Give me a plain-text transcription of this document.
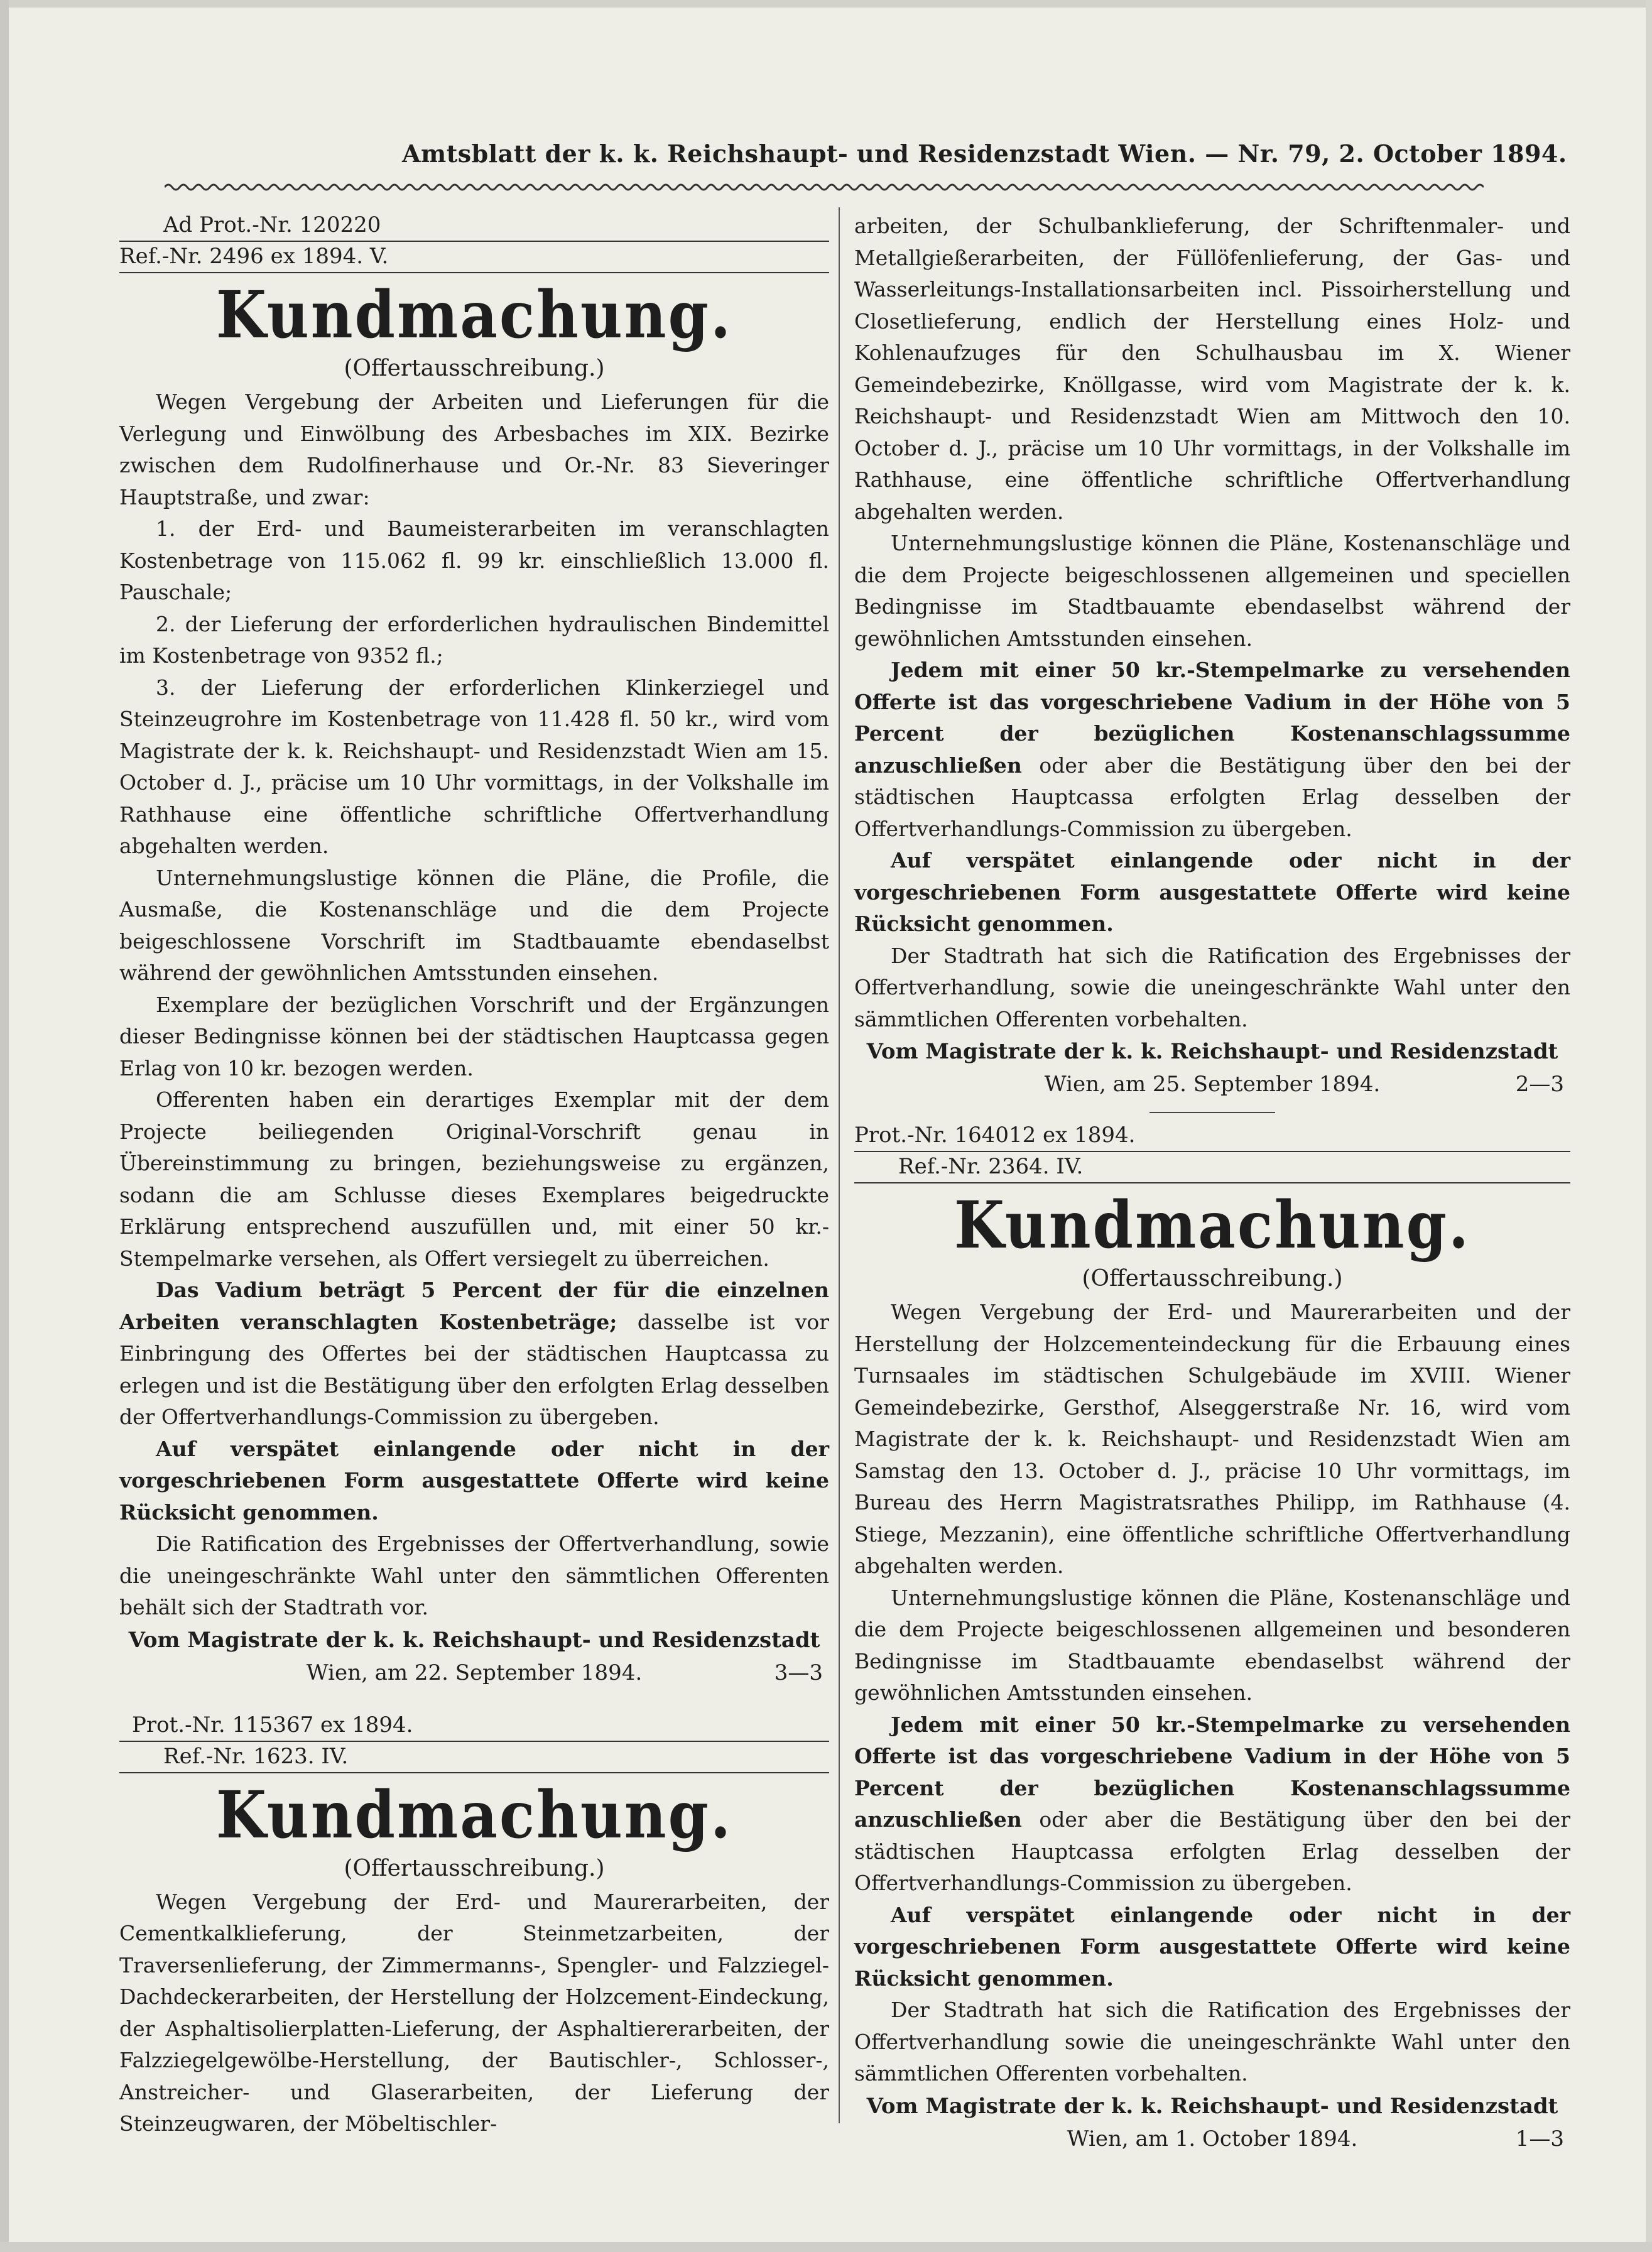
Amtsblatt der k. k. Reichshaupt- und Residenzstadt Wien. — Nr. 79, 2. October 1894.
Ad Prot.-Nr. 120220
Ref.-Nr. 2496 ex 1894. V.
Kundmachung.
(Offertausschreibung.)

Wegen Vergebung der Arbeiten und Lieferungen für die Verlegung und Einwölbung des Arbesbaches im XIX. Bezirke zwischen dem Rudolfinerhause und Or.-Nr. 83 Sieveringer Hauptstraße, und zwar:

1. der Erd- und Baumeisterarbeiten im veranschlagten Kostenbetrage von 115.062 fl. 99 kr. einschließlich 13.000 fl. Pauschale;

2. der Lieferung der erforderlichen hydraulischen Bindemittel im Kostenbetrage von 9352 fl.;

3. der Lieferung der erforderlichen Klinkerziegel und Steinzeugrohre im Kostenbetrage von 11.428 fl. 50 kr., wird vom Magistrate der k. k. Reichshaupt- und Residenzstadt Wien am 15. October d. J., präcise um 10 Uhr vormittags, in der Volkshalle im Rathhause eine öffentliche schriftliche Offertverhandlung abgehalten werden.

Unternehmungslustige können die Pläne, die Profile, die Ausmaße, die Kostenanschläge und die dem Projecte beigeschlossene Vorschrift im Stadtbauamte ebendaselbst während der gewöhnlichen Amtsstunden einsehen.

Exemplare der bezüglichen Vorschrift und der Ergänzungen dieser Bedingnisse können bei der städtischen Hauptcassa gegen Erlag von 10 kr. bezogen werden.

Offerenten haben ein derartiges Exemplar mit der dem Projecte beiliegenden Original-Vorschrift genau in Übereinstimmung zu bringen, beziehungsweise zu ergänzen, sodann die am Schlusse dieses Exemplares beigedruckte Erklärung entsprechend auszufüllen und, mit einer 50 kr.-Stempelmarke versehen, als Offert versiegelt zu überreichen.

Das Vadium beträgt 5 Percent der für die einzelnen Arbeiten veranschlagten Kostenbeträge; dasselbe ist vor Einbringung des Offertes bei der städtischen Hauptcassa zu erlegen und ist die Bestätigung über den erfolgten Erlag desselben der Offertverhandlungs-Commission zu übergeben.

Auf verspätet einlangende oder nicht in der vorgeschriebenen Form ausgestattete Offerte wird keine Rücksicht genommen.

Die Ratification des Ergebnisses der Offertverhandlung, sowie die uneingeschränkte Wahl unter den sämmtlichen Offerenten behält sich der Stadtrath vor.

Vom Magistrate der k. k. Reichshaupt- und Residenzstadt
Wien, am 22. September 1894.	3—3
Prot.-Nr. 115367 ex 1894.
Ref.-Nr. 1623. IV.
Kundmachung.
(Offertausschreibung.)

Wegen Vergebung der Erd- und Maurerarbeiten, der Cementkalklieferung, der Steinmetzarbeiten, der Traversenlieferung, der Zimmermanns-, Spengler- und Falzziegel-Dachdeckerarbeiten, der Herstellung der Holzcement-Eindeckung, der Asphaltisolierplatten-Lieferung, der Asphaltiererarbeiten, der Falzziegelgewölbe-Herstellung, der Bautischler-, Schlosser-, Anstreicher- und Glaserarbeiten, der Lieferung der Steinzeugwaren, der Möbeltischler-

arbeiten, der Schulbanklieferung, der Schriftenmaler- und Metallgießerarbeiten, der Füllöfenlieferung, der Gas- und Wasserleitungs-Installationsarbeiten incl. Pissoirherstellung und Closetlieferung, endlich der Herstellung eines Holz- und Kohlenaufzuges für den Schulhausbau im X. Wiener Gemeindebezirke, Knöllgasse, wird vom Magistrate der k. k. Reichshaupt- und Residenzstadt Wien am Mittwoch den 10. October d. J., präcise um 10 Uhr vormittags, in der Volkshalle im Rathhause, eine öffentliche schriftliche Offertverhandlung abgehalten werden.

Unternehmungslustige können die Pläne, Kostenanschläge und die dem Projecte beigeschlossenen allgemeinen und speciellen Bedingnisse im Stadtbauamte ebendaselbst während der gewöhnlichen Amtsstunden einsehen.

Jedem mit einer 50 kr.-Stempelmarke zu versehenden Offerte ist das vorgeschriebene Vadium in der Höhe von 5 Percent der bezüglichen Kostenanschlagssumme anzuschließen oder aber die Bestätigung über den bei der städtischen Hauptcassa erfolgten Erlag desselben der Offertverhandlungs-Commission zu übergeben.

Auf verspätet einlangende oder nicht in der vorgeschriebenen Form ausgestattete Offerte wird keine Rücksicht genommen.

Der Stadtrath hat sich die Ratification des Ergebnisses der Offertverhandlung, sowie die uneingeschränkte Wahl unter den sämmtlichen Offerenten vorbehalten.

Vom Magistrate der k. k. Reichshaupt- und Residenzstadt
Wien, am 25. September 1894.	2—3
Prot.-Nr. 164012 ex 1894.
Ref.-Nr. 2364. IV.
Kundmachung.
(Offertausschreibung.)

Wegen Vergebung der Erd- und Maurerarbeiten und der Herstellung der Holzcementeindeckung für die Erbauung eines Turnsaales im städtischen Schulgebäude im XVIII. Wiener Gemeindebezirke, Gersthof, Alseggerstraße Nr. 16, wird vom Magistrate der k. k. Reichshaupt- und Residenzstadt Wien am Samstag den 13. October d. J., präcise 10 Uhr vormittags, im Bureau des Herrn Magistratsrathes Philipp, im Rathhause (4. Stiege, Mezzanin), eine öffentliche schriftliche Offertverhandlung abgehalten werden.

Unternehmungslustige können die Pläne, Kostenanschläge und die dem Projecte beigeschlossenen allgemeinen und besonderen Bedingnisse im Stadtbauamte ebendaselbst während der gewöhnlichen Amtsstunden einsehen.

Jedem mit einer 50 kr.-Stempelmarke zu versehenden Offerte ist das vorgeschriebene Vadium in der Höhe von 5 Percent der bezüglichen Kostenanschlagssumme anzuschließen oder aber die Bestätigung über den bei der städtischen Hauptcassa erfolgten Erlag desselben der Offertverhandlungs-Commission zu übergeben.

Auf verspätet einlangende oder nicht in der vorgeschriebenen Form ausgestattete Offerte wird keine Rücksicht genommen.

Der Stadtrath hat sich die Ratification des Ergebnisses der Offertverhandlung sowie die uneingeschränkte Wahl unter den sämmtlichen Offerenten vorbehalten.

Vom Magistrate der k. k. Reichshaupt- und Residenzstadt
Wien, am 1. October 1894.	1—3
